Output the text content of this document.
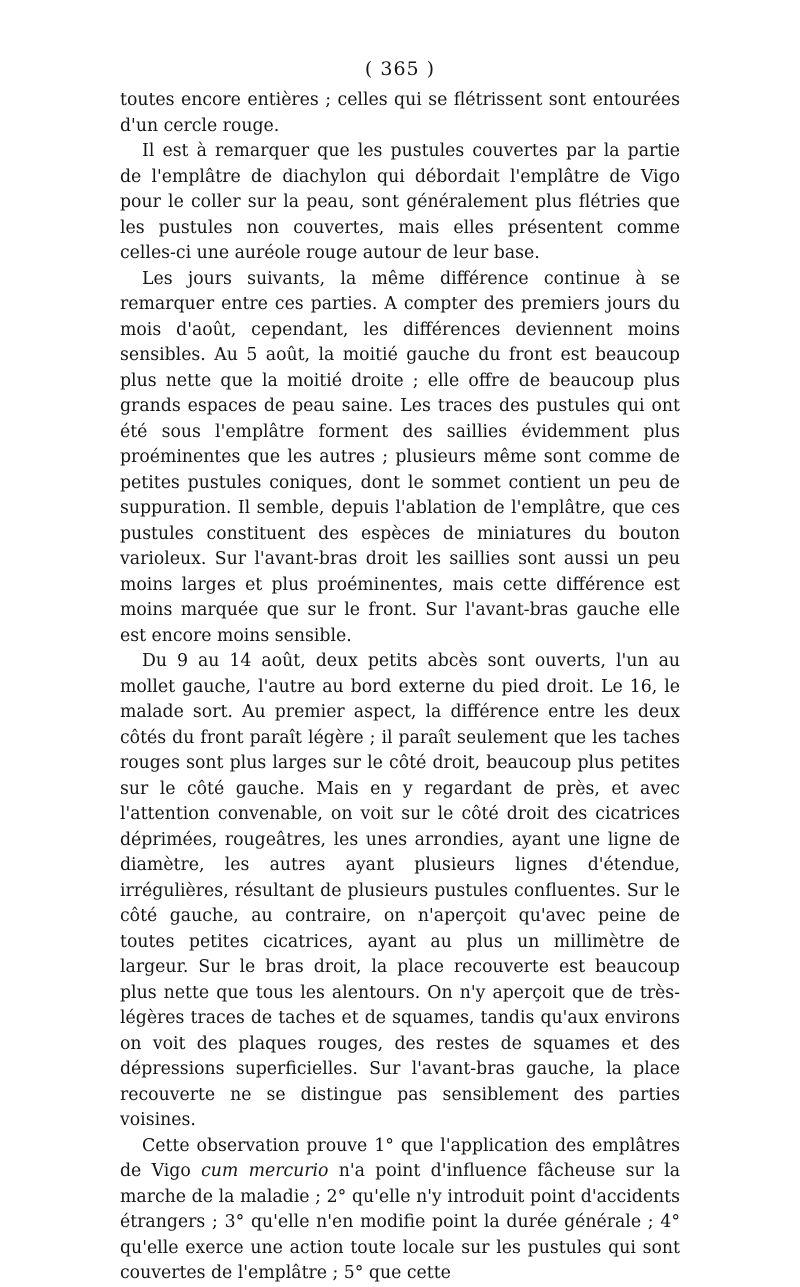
( 365 )

toutes encore entières ; celles qui se flétrissent sont entourées d'un cercle rouge.

Il est à remarquer que les pustules couvertes par la partie de l'emplâtre de diachylon qui débordait l'emplâtre de Vigo pour le coller sur la peau, sont généralement plus flétries que les pustules non couvertes, mais elles présentent comme celles-ci une auréole rouge autour de leur base.

Les jours suivants, la même différence continue à se remarquer entre ces parties. A compter des premiers jours du mois d'août, cependant, les différences deviennent moins sensibles. Au 5 août, la moitié gauche du front est beaucoup plus nette que la moitié droite ; elle offre de beaucoup plus grands espaces de peau saine. Les traces des pustules qui ont été sous l'emplâtre forment des saillies évidemment plus proéminentes que les autres ; plusieurs même sont comme de petites pustules coniques, dont le sommet contient un peu de suppuration. Il semble, depuis l'ablation de l'emplâtre, que ces pustules constituent des espèces de miniatures du bouton varioleux. Sur l'avant-bras droit les saillies sont aussi un peu moins larges et plus proéminentes, mais cette différence est moins marquée que sur le front. Sur l'avant-bras gauche elle est encore moins sensible.

Du 9 au 14 août, deux petits abcès sont ouverts, l'un au mollet gauche, l'autre au bord externe du pied droit. Le 16, le malade sort. Au premier aspect, la différence entre les deux côtés du front paraît légère ; il paraît seulement que les taches rouges sont plus larges sur le côté droit, beaucoup plus petites sur le côté gauche. Mais en y regardant de près, et avec l'attention convenable, on voit sur le côté droit des cicatrices déprimées, rougeâtres, les unes arrondies, ayant une ligne de diamètre, les autres ayant plusieurs lignes d'étendue, irrégulières, résultant de plusieurs pustules confluentes. Sur le côté gauche, au contraire, on n'aperçoit qu'avec peine de toutes petites cicatrices, ayant au plus un millimètre de largeur. Sur le bras droit, la place recouverte est beaucoup plus nette que tous les alentours. On n'y aperçoit que de très-légères traces de taches et de squames, tandis qu'aux environs on voit des plaques rouges, des restes de squames et des dépressions superficielles. Sur l'avant-bras gauche, la place recouverte ne se distingue pas sensiblement des parties voisines.

Cette observation prouve 1° que l'application des emplâtres de Vigo cum mercurio n'a point d'influence fâcheuse sur la marche de la maladie ; 2° qu'elle n'y introduit point d'accidents étrangers ; 3° qu'elle n'en modifie point la durée générale ; 4° qu'elle exerce une action toute locale sur les pustules qui sont couvertes de l'emplâtre ; 5° que cette
